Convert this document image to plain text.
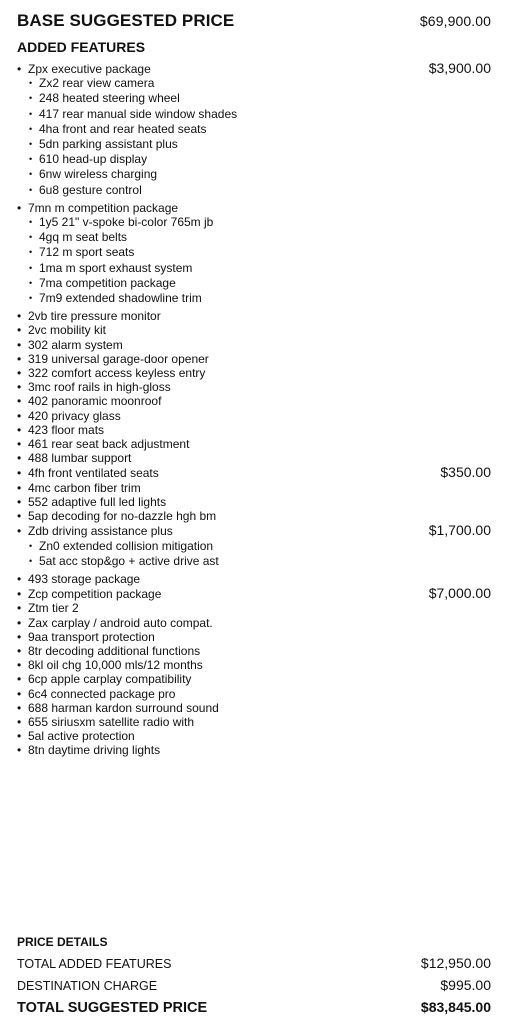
BASE SUGGESTED PRICE	$69,900.00
ADDED FEATURES
• Zpx executive package	$3,900.00
• Zx2 rear view camera
• 248 heated steering wheel
• 417 rear manual side window shades
• 4ha front and rear heated seats
• 5dn parking assistant plus
• 610 head-up display
• 6nw wireless charging
• 6u8 gesture control
• 7mn m competition package
• 1y5 21" v-spoke bi-color 765m jb
• 4gq m seat belts
• 712 m sport seats
• 1ma m sport exhaust system
• 7ma competition package
• 7m9 extended shadowline trim
• 2vb tire pressure monitor
• 2vc mobility kit
• 302 alarm system
• 319 universal garage-door opener
• 322 comfort access keyless entry
• 3mc roof rails in high-gloss
• 402 panoramic moonroof
• 420 privacy glass
• 423 floor mats
• 461 rear seat back adjustment
• 488 lumbar support
• 4fh front ventilated seats	$350.00
• 4mc carbon fiber trim
• 552 adaptive full led lights
• 5ap decoding for no-dazzle hgh bm
• Zdb driving assistance plus	$1,700.00
• Zn0 extended collision mitigation
• 5at acc stop&go + active drive ast
• 493 storage package
• Zcp competition package	$7,000.00
• Ztm tier 2
• Zax carplay / android auto compat.
• 9aa transport protection
• 8tr decoding additional functions
• 8kl oil chg 10,000 mls/12 months
• 6cp apple carplay compatibility
• 6c4 connected package pro
• 688 harman kardon surround sound
• 655 siriusxm satellite radio with
• 5al active protection
• 8tn daytime driving lights
PRICE DETAILS
TOTAL ADDED FEATURES	$12,950.00
DESTINATION CHARGE	$995.00
TOTAL SUGGESTED PRICE	$83,845.00
